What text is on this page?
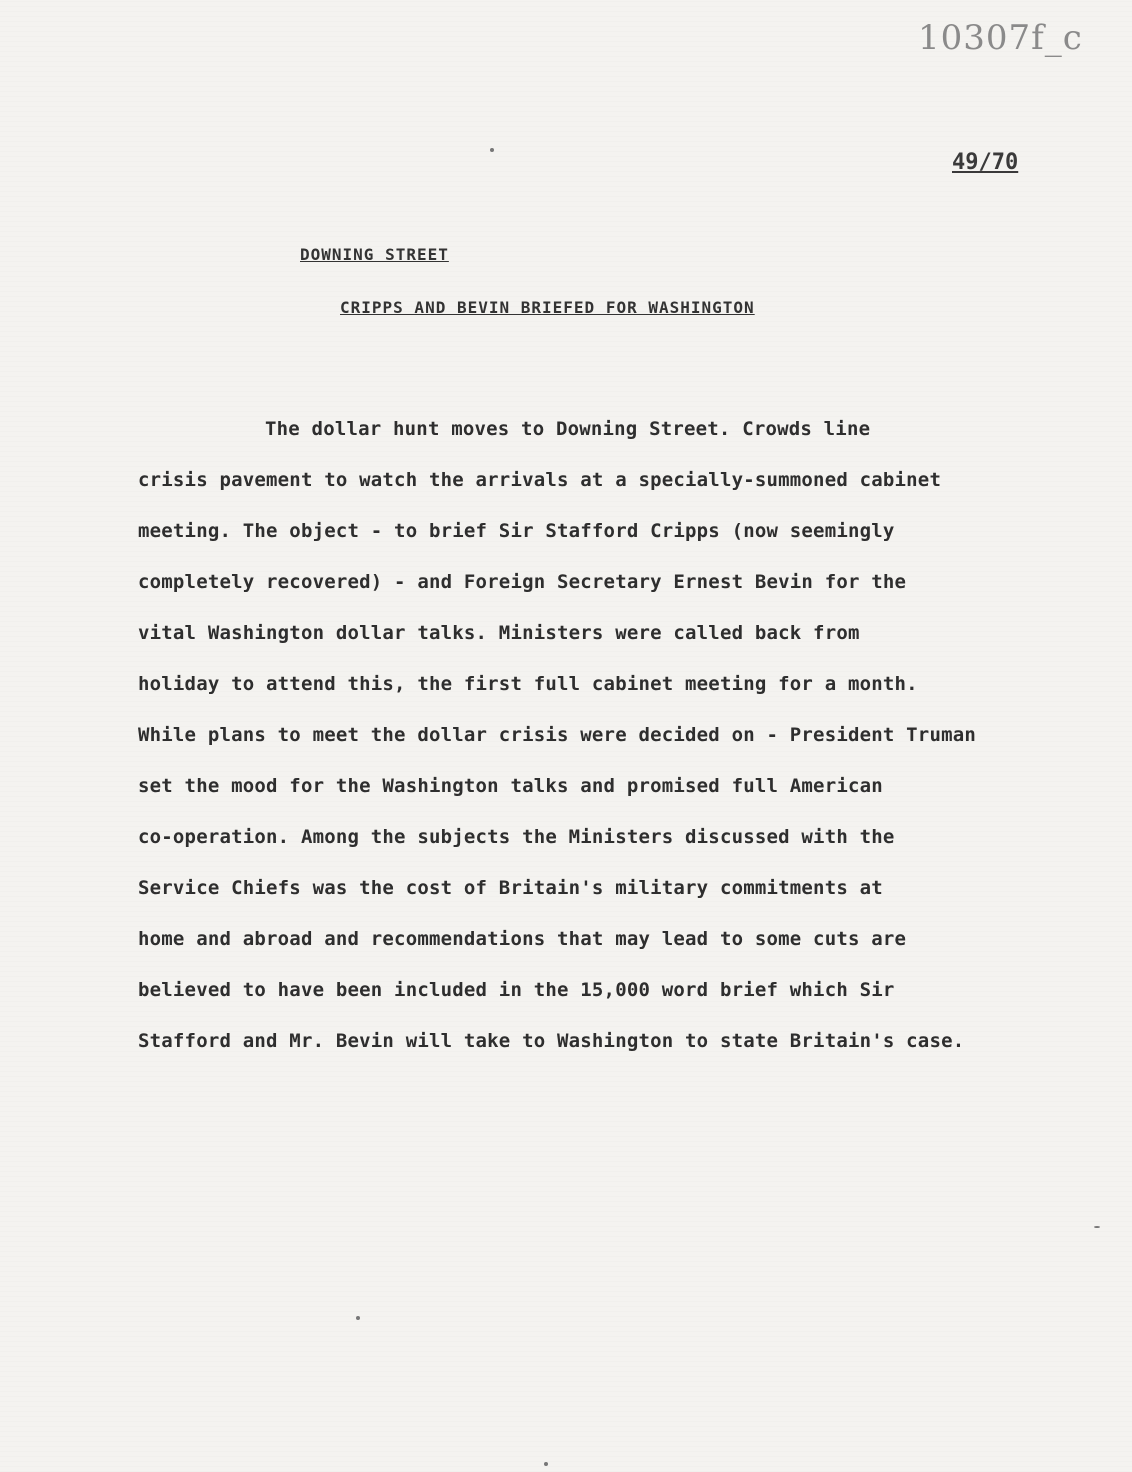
10307f_c
49/70
DOWNING STREET
CRIPPS AND BEVIN BRIEFED FOR WASHINGTON
The dollar hunt moves to Downing Street. Crowds line
crisis pavement to watch the arrivals at a specially-summoned cabinet
meeting. The object - to brief Sir Stafford Cripps (now seemingly
completely recovered) - and Foreign Secretary Ernest Bevin for the
vital Washington dollar talks. Ministers were called back from
holiday to attend this, the first full cabinet meeting for a month.
While plans to meet the dollar crisis were decided on - President Truman
set the mood for the Washington talks and promised full American
co-operation. Among the subjects the Ministers discussed with the
Service Chiefs was the cost of Britain's military commitments at
home and abroad and recommendations that may lead to some cuts are
believed to have been included in the 15,000 word brief which Sir
Stafford and Mr. Bevin will take to Washington to state Britain's case.
